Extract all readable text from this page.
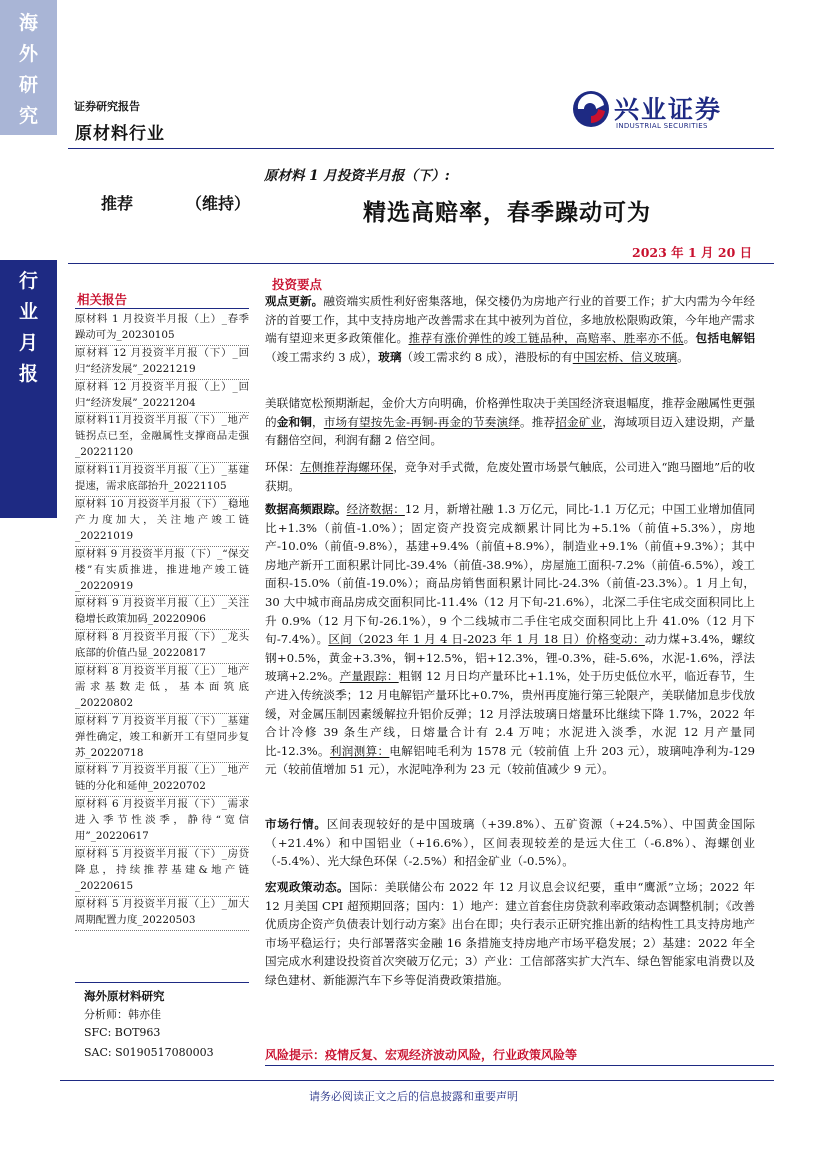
海
外
研
究
行
业
月
报
证券研究报告
原材料行业
兴业证券
INDUSTRIAL SECURITIES
推荐	（维持）
原材料 1 月投资半月报（下）:
精选高赔率，春季躁动可为
2023 年 1 月 20 日
相关报告
原材料 1 月投资半月报（上）_春季躁动可为_20230105
原材料 12 月投资半月报（下）_回归“经济发展”_20221219
原材料 12 月投资半月报（上）_回归“经济发展”_20221204
原材料11月投资半月报（下）_地产链拐点已至，金融属性支撑商品走强_20221120
原材料11月投资半月报（上）_基建提速，需求底部抬升_20221105
原材料 10 月投资半月报（下）_稳地产力度加大，关注地产竣工链_20221019
原材料 9 月投资半月报（下）_“保交楼”有实质推进，推进地产竣工链_20220919
原材料 9 月投资半月报（上）_关注稳增长政策加码_20220906
原材料 8 月投资半月报（下）_龙头底部的价值凸显_20220817
原材料 8 月投资半月报（上）_地产需求基数走低，基本面筑底_20220802
原材料 7 月投资半月报（下）_基建弹性确定，竣工和新开工有望同步复苏_20220718
原材料 7 月投资半月报（上）_地产链的分化和延伸_20220702
原材料 6 月投资半月报（下）_需求进入季节性淡季，静待“宽信用”_20220617
原材料 5 月投资半月报（下）_房贷降息，持续推荐基建&地产链_20220615
原材料 5 月投资半月报（上）_加大周期配置力度_20220503
海外原材料研究
分析师：韩亦佳
SFC: BOT963
SAC: S0190517080003
投资要点
观点更新。融资端实质性利好密集落地，保交楼仍为房地产行业的首要工作；扩大内需为今年经济的首要工作，其中支持房地产改善需求在其中被列为首位，多地放松限购政策，今年地产需求端有望迎来更多政策催化。推荐有涨价弹性的竣工链品种，高赔率、胜率亦不低。包括电解铝（竣工需求约 3 成），玻璃（竣工需求约 8 成），港股标的有中国宏桥、信义玻璃。
美联储宽松预期渐起，金价大方向明确，价格弹性取决于美国经济衰退幅度，推荐金融属性更强的金和铜，市场有望按先金-再铜-再金的节奏演绎。推荐招金矿业，海域项目迈入建设期，产量有翻倍空间，利润有翻 2 倍空间。
环保：左侧推荐海螺环保，竞争对手式微，危废处置市场景气触底，公司进入“跑马圈地”后的收获期。
数据高频跟踪。经济数据：12 月，新增社融 1.3 万亿元，同比-1.1 万亿元；中国工业增加值同比+1.3%（前值-1.0%）；固定资产投资完成额累计同比为+5.1%（前值+5.3%），房地产-10.0%（前值-9.8%），基建+9.4%（前值+8.9%），制造业+9.1%（前值+9.3%）；其中房地产新开工面积累计同比-39.4%（前值-38.9%），房屋施工面积-7.2%（前值-6.5%），竣工面积-15.0%（前值-19.0%）；商品房销售面积累计同比-24.3%（前值-23.3%）。1 月上旬，30 大中城市商品房成交面积同比-11.4%（12 月下旬-21.6%），北深二手住宅成交面积同比上升 0.9%（12 月下旬-26.1%），9 个二线城市二手住宅成交面积同比上升 41.0%（12 月下旬-7.4%）。区间（2023 年 1 月 4 日-2023 年 1 月 18 日）价格变动：动力煤+3.4%，螺纹钢+0.5%，黄金+3.3%，铜+12.5%，铝+12.3%，锂-0.3%，硅-5.6%，水泥-1.6%，浮法玻璃+2.2%。产量跟踪：粗钢 12 月日均产量环比+1.1%，处于历史低位水平，临近春节，生产进入传统淡季；12 月电解铝产量环比+0.7%，贵州再度施行第三轮限产，美联储加息步伐放缓，对金属压制因素缓解拉升铝价反弹；12 月浮法玻璃日熔量环比继续下降 1.7%，2022 年合计冷修 39 条生产线，日熔量合计有 2.4 万吨；水泥进入淡季，水泥 12 月产量同比-12.3%。利润测算：电解铝吨毛利为 1578 元（较前值 上升 203 元），玻璃吨净利为-129 元（较前值增加 51 元），水泥吨净利为 23 元（较前值减少 9 元）。
市场行情。区间表现较好的是中国玻璃（+39.8%）、五矿资源（+24.5%）、中国黄金国际（+21.4%）和中国铝业（+16.6%），区间表现较差的是远大住工（-6.8%）、海螺创业（-5.4%）、光大绿色环保（-2.5%）和招金矿业（-0.5%）。
宏观政策动态。国际：美联储公布 2022 年 12 月议息会议纪要，重申“鹰派”立场；2022 年 12 月美国 CPI 超预期回落；国内：1）地产：建立首套住房贷款利率政策动态调整机制；《改善优质房企资产负债表计划行动方案》出台在即；央行表示正研究推出新的结构性工具支持房地产市场平稳运行；央行部署落实金融 16 条措施支持房地产市场平稳发展；2）基建：2022 年全国完成水利建设投资首次突破万亿元；3）产业：工信部落实扩大汽车、绿色智能家电消费以及绿色建材、新能源汽车下乡等促消费政策措施。
风险提示：疫情反复、宏观经济波动风险，行业政策风险等
请务必阅读正文之后的信息披露和重要声明
